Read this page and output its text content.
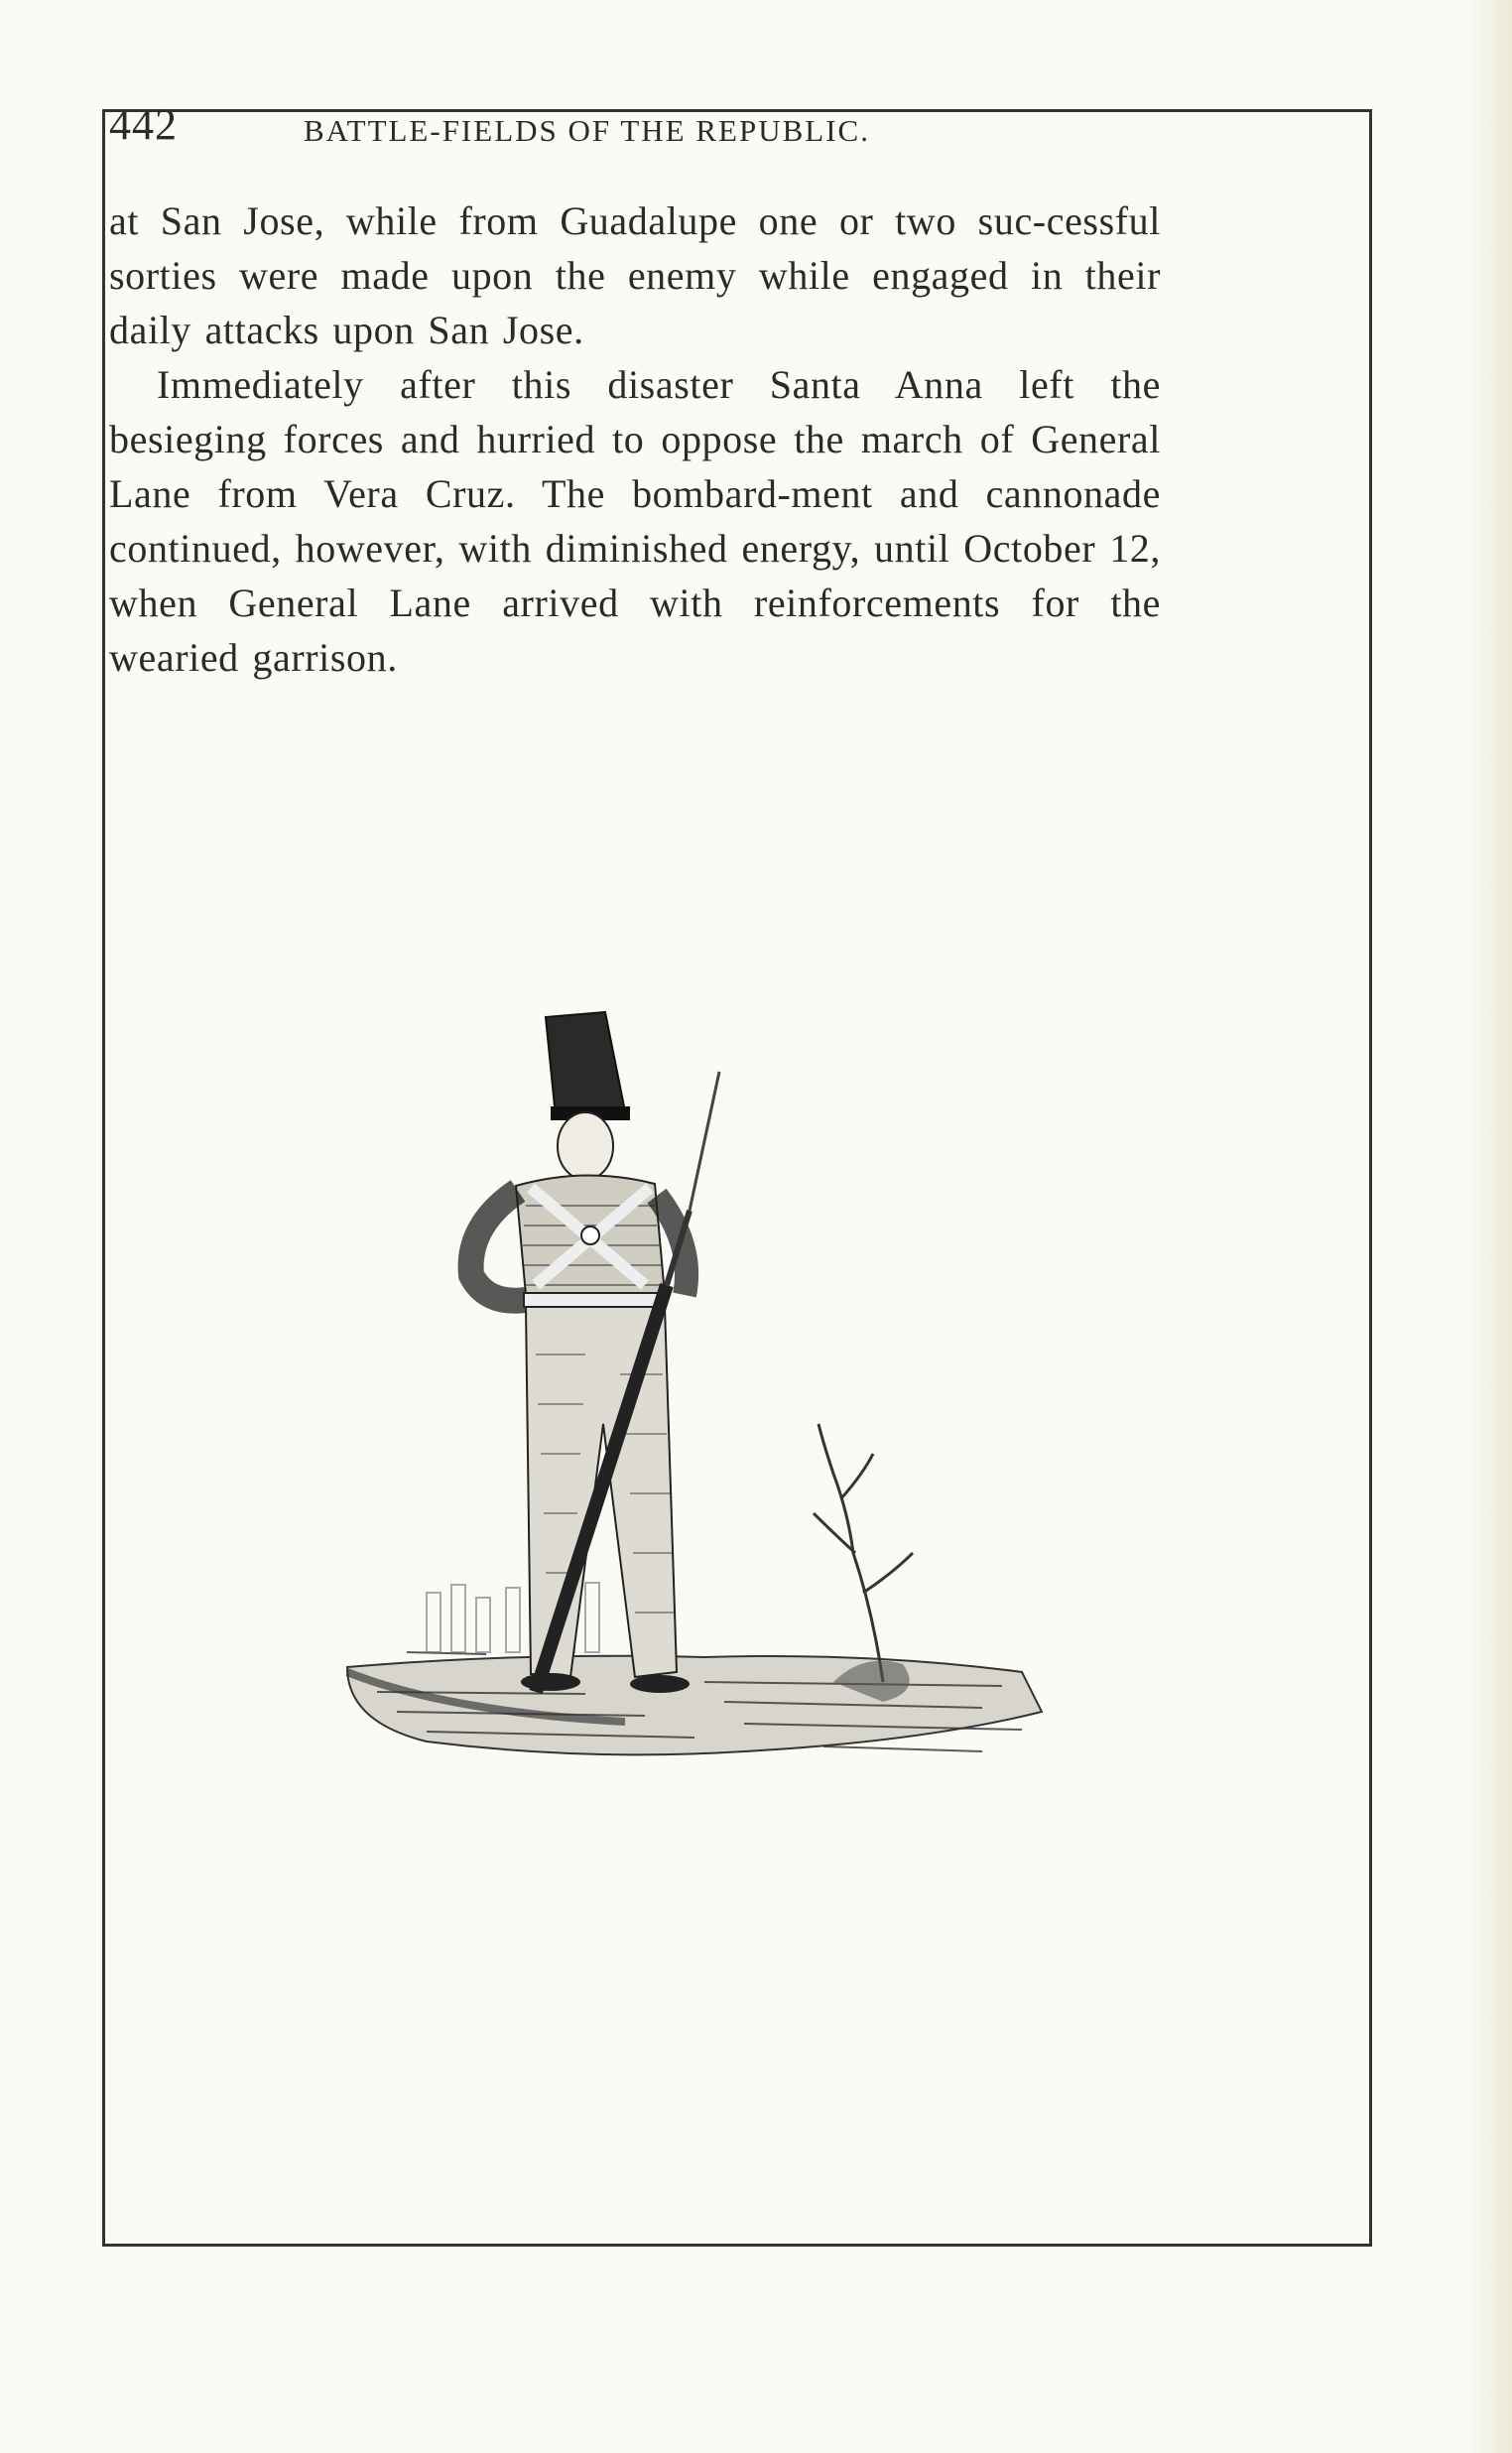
442	BATTLE-FIELDS OF THE REPUBLIC.

at San Jose, while from Guadalupe one or two suc-cessful sorties were made upon the enemy while engaged in their daily attacks upon San Jose.

Immediately after this disaster Santa Anna left the besieging forces and hurried to oppose the march of General Lane from Vera Cruz. The bombard-ment and cannonade continued, however, with diminished energy, until October 12, when General Lane arrived with reinforcements for the wearied garrison.
